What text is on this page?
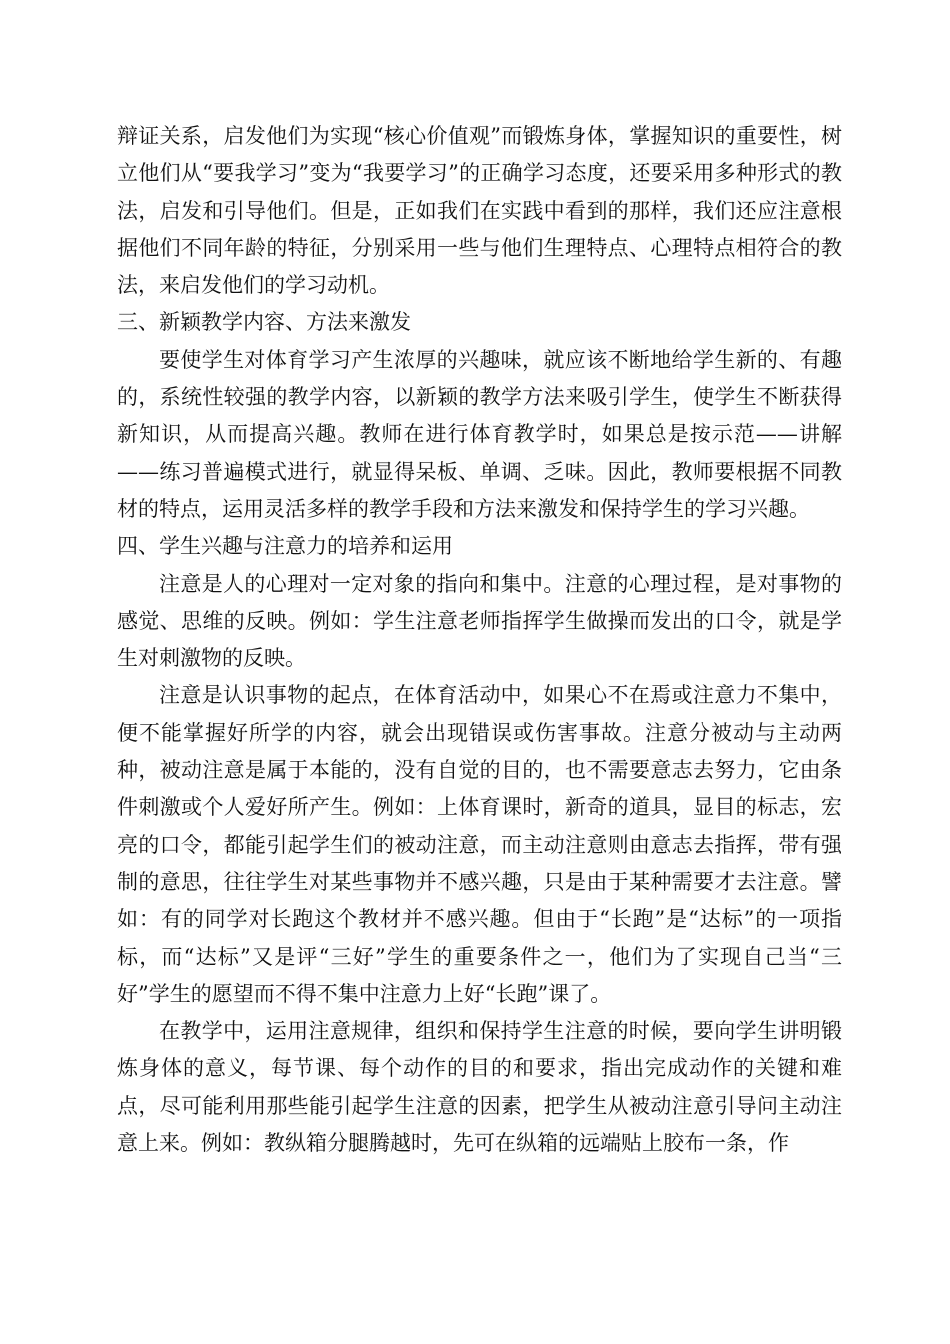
辩证关系，启发他们为实现“核心价值观”而锻炼身体，掌握知识的重要性，树立他们从“要我学习”变为“我要学习”的正确学习态度，还要采用多种形式的教法，启发和引导他们。但是，正如我们在实践中看到的那样，我们还应注意根据他们不同年龄的特征，分别采用一些与他们生理特点、心理特点相符合的教法，来启发他们的学习动机。

三、新颖教学内容、方法来激发

要使学生对体育学习产生浓厚的兴趣味，就应该不断地给学生新的、有趣的，系统性较强的教学内容，以新颖的教学方法来吸引学生，使学生不断获得新知识，从而提高兴趣。教师在进行体育教学时，如果总是按示范——讲解——练习普遍模式进行，就显得呆板、单调、乏味。因此，教师要根据不同教材的特点，运用灵活多样的教学手段和方法来激发和保持学生的学习兴趣。

四、学生兴趣与注意力的培养和运用

注意是人的心理对一定对象的指向和集中。注意的心理过程，是对事物的感觉、思维的反映。例如：学生注意老师指挥学生做操而发出的口令，就是学生对刺激物的反映。

注意是认识事物的起点，在体育活动中，如果心不在焉或注意力不集中，便不能掌握好所学的内容，就会出现错误或伤害事故。注意分被动与主动两种，被动注意是属于本能的，没有自觉的目的，也不需要意志去努力，它由条件刺激或个人爱好所产生。例如：上体育课时，新奇的道具，显目的标志，宏亮的口令，都能引起学生们的被动注意，而主动注意则由意志去指挥，带有强制的意思，往往学生对某些事物并不感兴趣，只是由于某种需要才去注意。譬如：有的同学对长跑这个教材并不感兴趣。但由于“长跑”是“达标”的一项指标，而“达标”又是评“三好”学生的重要条件之一，他们为了实现自己当“三好”学生的愿望而不得不集中注意力上好“长跑”课了。

在教学中，运用注意规律，组织和保持学生注意的时候，要向学生讲明锻炼身体的意义，每节课、每个动作的目的和要求，指出完成动作的关键和难点，尽可能利用那些能引起学生注意的因素，把学生从被动注意引导问主动注意上来。例如：教纵箱分腿腾越时，先可在纵箱的远端贴上胶布一条，作
